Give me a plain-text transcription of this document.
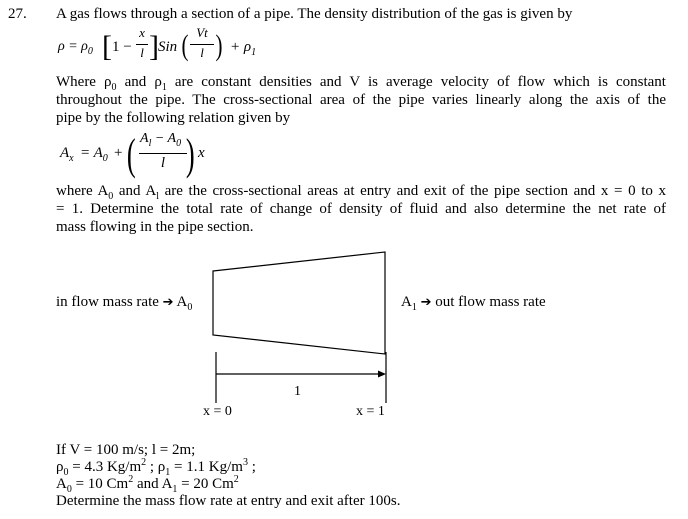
27. A gas flows through a section of a pipe. The density distribution of the gas is given by
$\rho = \rho_0$ [ 1 −
x
l ] Sin ( Vt
l ) + $\rho_1$
Where $\rho_0$ and $\rho_1$ are constant densities and V is average velocity of flow which is constant
throughout the pipe. The cross-sectional area of the pipe varies linearly along the axis of the
pipe by the following relation given by
$A_x = A_0$ + ( $A_l - A_0$
l ) x
where $A_0$ and $A_l$ are the cross-sectional areas at entry and exit of the pipe section and x = 0 to x
= 1. Determine the total rate of change of density of fluid and also determine the net rate of
mass flowing in the pipe section.
in flow mass rate ➔ $A_0$	$A_1$ ➔ out flow mass rate
1
x = 0	x = 1
If V = 100 m/s; l = 2m;
$\rho_0 = 4.3$ $Kg/m^2$ ; $\rho_1 = 1.1$ $Kg/m^3$ ;
$A_0 = 10$ Cm$^2$ and $A_1 = 20$ Cm$^2$
Determine the mass flow rate at entry and exit after 100s.
